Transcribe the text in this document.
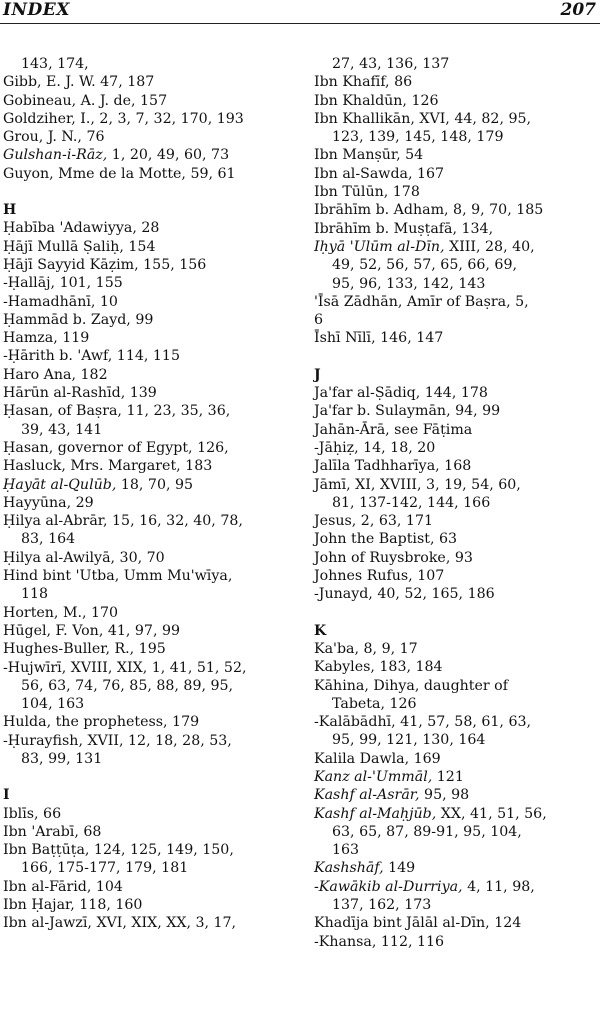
INDEX	207
143, 174,
Gibb, E. J. W. 47, 187
Gobineau, A. J. de, 157
Goldziher, I., 2, 3, 7, 32, 170, 193
Grou, J. N., 76
Gulshan-i-Rāz, 1, 20, 49, 60, 73
Guyon, Mme de la Motte, 59, 61
H
Ḥabība 'Adawiyya, 28
Ḥājī Mullā Ṣaliḥ, 154
Ḥājī Sayyid Kāẓim, 155, 156
-Ḥallāj, 101, 155
-Hamadhānī, 10
Ḥammād b. Zayd, 99
Hamza, 119
-Ḥārith b. 'Awf, 114, 115
Haro Ana, 182
Hārūn al-Rashīd, 139
Ḥasan, of Baṣra, 11, 23, 35, 36,
39, 43, 141
Ḥasan, governor of Egypt, 126,
Hasluck, Mrs. Margaret, 183
Ḥayāt al-Qulūb, 18, 70, 95
Hayyūna, 29
Ḥilya al-Abrār, 15, 16, 32, 40, 78,
83, 164
Ḥilya al-Awilyā, 30, 70
Hind bint 'Utba, Umm Mu'wīya,
118
Horten, M., 170
Hūgel, F. Von, 41, 97, 99
Hughes-Buller, R., 195
-Hujwīrī, XVIII, XIX, 1, 41, 51, 52,
56, 63, 74, 76, 85, 88, 89, 95,
104, 163
Hulda, the prophetess, 179
-Ḥurayfish, XVII, 12, 18, 28, 53,
83, 99, 131
I
Iblīs, 66
Ibn 'Arabī, 68
Ibn Baṭṭūṭa, 124, 125, 149, 150,
166, 175-177, 179, 181
Ibn al-Fārid, 104
Ibn Ḥajar, 118, 160
Ibn al-Jawzī, XVI, XIX, XX, 3, 17,
27, 43, 136, 137
Ibn Khafīf, 86
Ibn Khaldūn, 126
Ibn Khallikān, XVI, 44, 82, 95,
123, 139, 145, 148, 179
Ibn Manṣūr, 54
Ibn al-Sawda, 167
Ibn Tūlūn, 178
Ibrāhīm b. Adham, 8, 9, 70, 185
Ibrāhīm b. Muṣṭafā, 134,
Iḥyā 'Ulūm al-Dīn, XIII, 28, 40,
49, 52, 56, 57, 65, 66, 69,
95, 96, 133, 142, 143
'Īsā Zādhān, Amīr of Baṣra, 5,
6
Īshī Nīlī, 146, 147
J
Ja'far al-Ṣādiq, 144, 178
Ja'far b. Sulaymān, 94, 99
Jahān-Ārā, see Fāṭima
-Jāḥiẓ, 14, 18, 20
Jalīla Tadhharīya, 168
Jāmī, XI, XVIII, 3, 19, 54, 60,
81, 137-142, 144, 166
Jesus, 2, 63, 171
John the Baptist, 63
John of Ruysbroke, 93
Johnes Rufus, 107
-Junayd, 40, 52, 165, 186
K
Ka'ba, 8, 9, 17
Kabyles, 183, 184
Kāhina, Dihya, daughter of
Tabeta, 126
-Kalābādhī, 41, 57, 58, 61, 63,
95, 99, 121, 130, 164
Kalila Dawla, 169
Kanz al-'Ummāl, 121
Kashf al-Asrār, 95, 98
Kashf al-Maḥjūb, XX, 41, 51, 56,
63, 65, 87, 89-91, 95, 104,
163
Kashshāf, 149
-Kawākib al-Durriya, 4, 11, 98,
137, 162, 173
Khadīja bint Jālāl al-Dīn, 124
-Khansa, 112, 116
